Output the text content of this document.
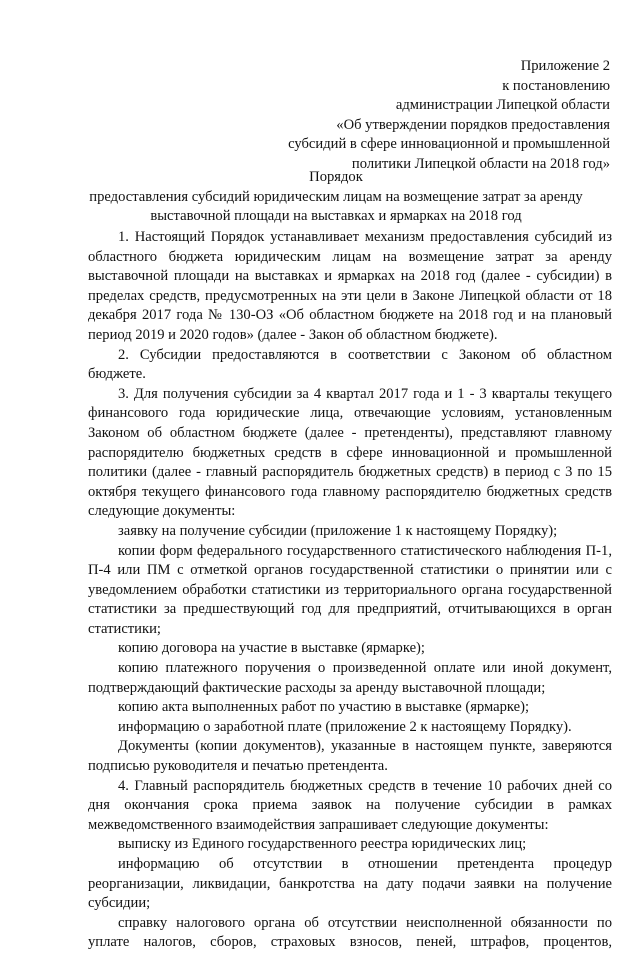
Приложение 2
к постановлению
администрации Липецкой области
«Об утверждении порядков предоставления
субсидий в сфере инновационной и промышленной
политики Липецкой области на 2018 год»
Порядок
предоставления субсидий юридическим лицам на возмещение затрат за аренду
выставочной площади на выставках и ярмарках на 2018 год

1. Настоящий Порядок устанавливает механизм предоставления субсидий из областного бюджета юридическим лицам на возмещение затрат за аренду выставочной площади на выставках и ярмарках на 2018 год (далее - субсидии) в пределах средств, предусмотренных на эти цели в Законе Липецкой области от 18 декабря 2017 года № 130-ОЗ «Об областном бюджете на 2018 год и на плановый период 2019 и 2020 годов» (далее - Закон об областном бюджете).

2. Субсидии предоставляются в соответствии с Законом об областном бюджете.

3. Для получения субсидии за 4 квартал 2017 года и 1 - 3 кварталы текущего финансового года юридические лица, отвечающие условиям, установленным Законом об областном бюджете (далее - претенденты), представляют главному распорядителю бюджетных средств в сфере инновационной и промышленной политики (далее - главный распорядитель бюджетных средств) в период с 3 по 15 октября текущего финансового года главному распорядителю бюджетных средств следующие документы:

заявку на получение субсидии (приложение 1 к настоящему Порядку);

копии форм федерального государственного статистического наблюдения П-1, П-4 или ПМ с отметкой органов государственной статистики о принятии или с уведомлением обработки статистики из территориального органа государственной статистики за предшествующий год для предприятий, отчитывающихся в орган статистики;

копию договора на участие в выставке (ярмарке);

копию платежного поручения о произведенной оплате или иной документ, подтверждающий фактические расходы за аренду выставочной площади;

копию акта выполненных работ по участию в выставке (ярмарке);

информацию о заработной плате (приложение 2 к настоящему Порядку).

Документы (копии документов), указанные в настоящем пункте, заверяются подписью руководителя и печатью претендента.

4. Главный распорядитель бюджетных средств в течение 10 рабочих дней со дня окончания срока приема заявок на получение субсидии в рамках межведомственного взаимодействия запрашивает следующие документы:

выписку из Единого государственного реестра юридических лиц;

информацию об отсутствии в отношении претендента процедур реорганизации, ликвидации, банкротства на дату подачи заявки на получение субсидии;

справку налогового органа об отсутствии неисполненной обязанности по уплате налогов, сборов, страховых взносов, пеней, штрафов, процентов,
